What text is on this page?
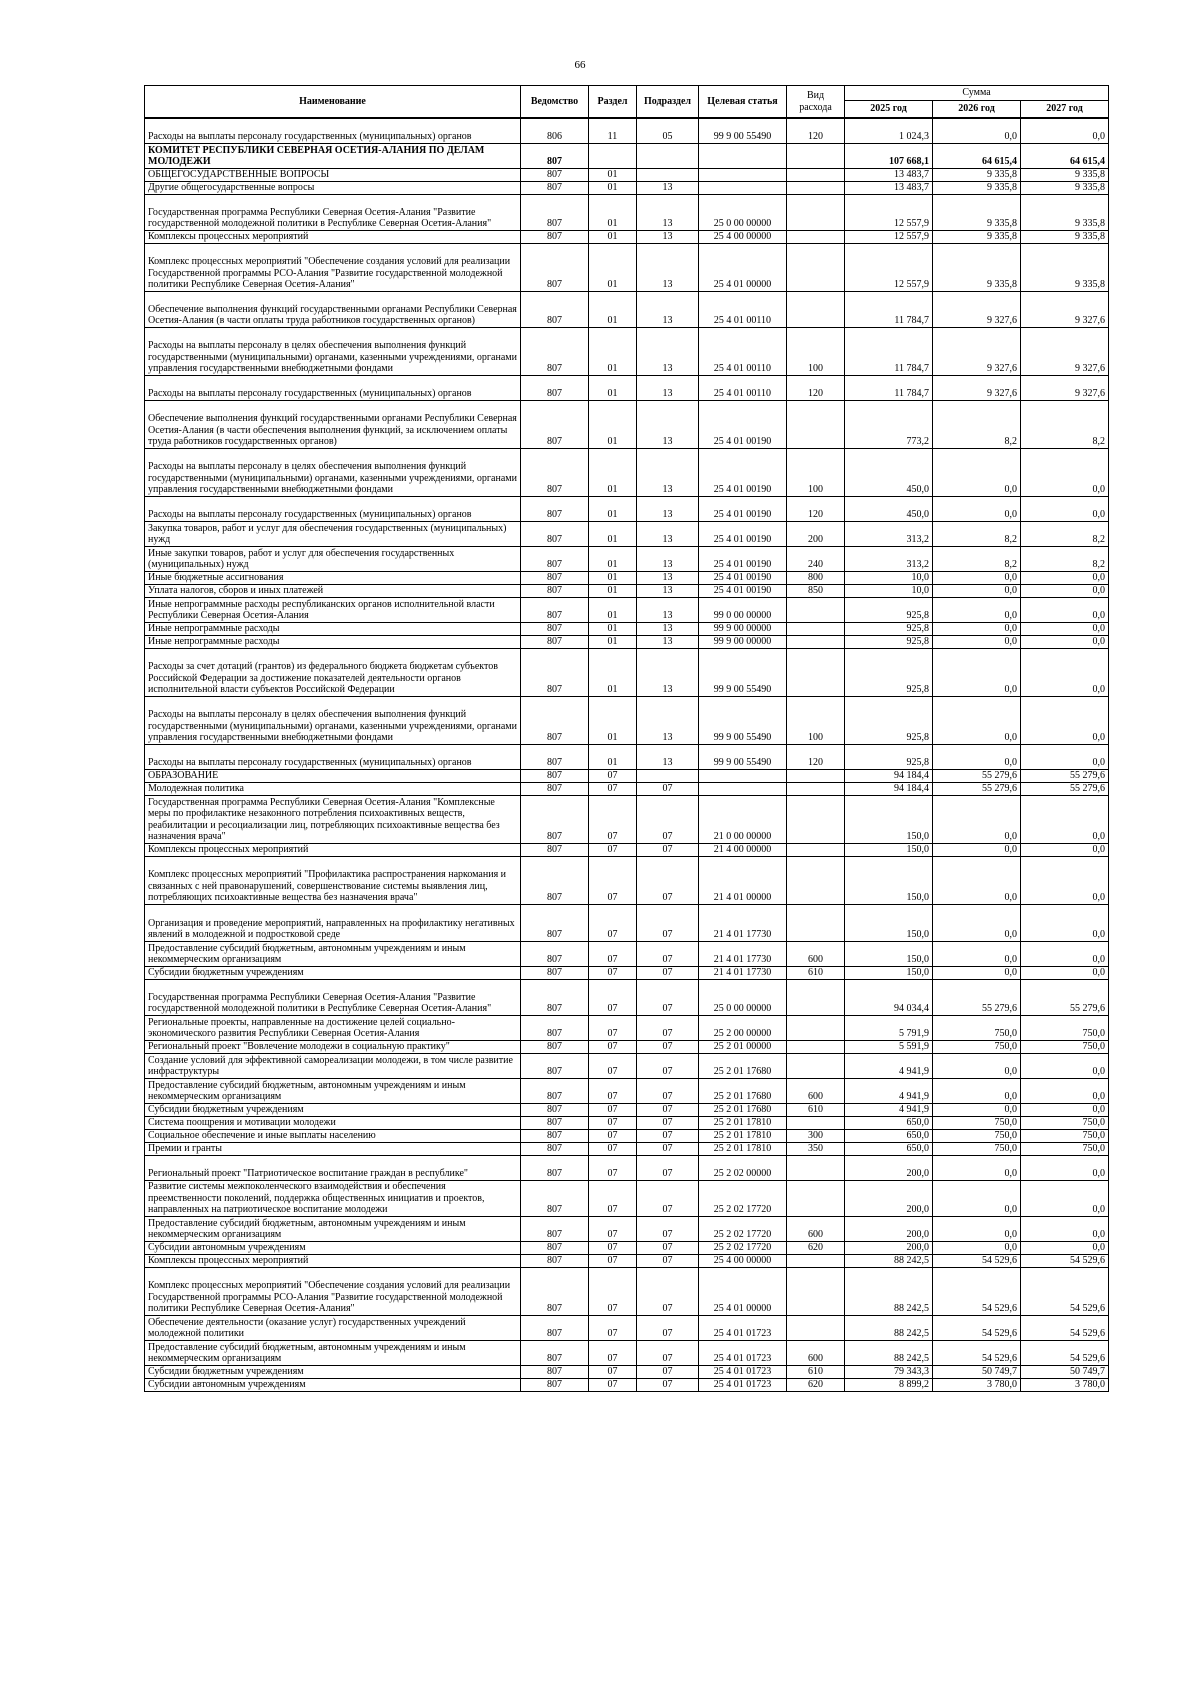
66
Наименование	Ведомство	Раздел	Подраздел	Целевая статья	Вид расхода	Сумма		
						2025 год	2026 год	2027 год
Расходы на выплаты персоналу государственных (муниципальных) органов	806	11	05	99 9 00 55490	120	1 024,3	0,0	0,0
КОМИТЕТ РЕСПУБЛИКИ СЕВЕРНАЯ ОСЕТИЯ-АЛАНИЯ ПО ДЕЛАМ МОЛОДЕЖИ	807					107 668,1	64 615,4	64 615,4
ОБЩЕГОСУДАРСТВЕННЫЕ ВОПРОСЫ	807	01				13 483,7	9 335,8	9 335,8
Другие общегосударственные вопросы	807	01	13			13 483,7	9 335,8	9 335,8
Государственная программа Республики Северная Осетия-Алания "Развитие государственной молодежной политики в Республике Северная Осетия-Алания"	807	01	13	25 0 00 00000		12 557,9	9 335,8	9 335,8
Комплексы процессных мероприятий	807	01	13	25 4 00 00000		12 557,9	9 335,8	9 335,8
Комплекс процессных мероприятий "Обеспечение создания условий для реализации Государственной программы РСО-Алания "Развитие государственной молодежной политики Республике Северная Осетия-Алания"	807	01	13	25 4 01 00000		12 557,9	9 335,8	9 335,8
Обеспечение выполнения функций государственными органами Республики Северная Осетия-Алания (в части оплаты труда работников государственных органов)	807	01	13	25 4 01 00110		11 784,7	9 327,6	9 327,6
Расходы на выплаты персоналу в целях обеспечения выполнения функций государственными (муниципальными) органами, казенными учреждениями, органами управления государственными внебюджетными фондами	807	01	13	25 4 01 00110	100	11 784,7	9 327,6	9 327,6
Расходы на выплаты персоналу государственных (муниципальных) органов	807	01	13	25 4 01 00110	120	11 784,7	9 327,6	9 327,6
Обеспечение выполнения функций государственными органами Республики Северная Осетия-Алания (в части обеспечения выполнения функций, за исключением оплаты труда работников государственных органов)	807	01	13	25 4 01 00190		773,2	8,2	8,2
Расходы на выплаты персоналу в целях обеспечения выполнения функций государственными (муниципальными) органами, казенными учреждениями, органами управления государственными внебюджетными фондами	807	01	13	25 4 01 00190	100	450,0	0,0	0,0
Расходы на выплаты персоналу государственных (муниципальных) органов	807	01	13	25 4 01 00190	120	450,0	0,0	0,0
Закупка товаров, работ и услуг для обеспечения государственных (муниципальных) нужд	807	01	13	25 4 01 00190	200	313,2	8,2	8,2
Иные закупки товаров, работ и услуг для обеспечения государственных (муниципальных) нужд	807	01	13	25 4 01 00190	240	313,2	8,2	8,2
Иные бюджетные ассигнования	807	01	13	25 4 01 00190	800	10,0	0,0	0,0
Уплата налогов, сборов и иных платежей	807	01	13	25 4 01 00190	850	10,0	0,0	0,0
Иные непрограммные расходы республиканских органов исполнительной власти Республики Северная Осетия-Алания	807	01	13	99 0 00 00000		925,8	0,0	0,0
Иные непрограммные расходы	807	01	13	99 9 00 00000		925,8	0,0	0,0
Иные непрограммные расходы	807	01	13	99 9 00 00000		925,8	0,0	0,0
Расходы за счет дотаций (грантов) из федерального бюджета бюджетам субъектов Российской Федерации за достижение показателей деятельности органов исполнительной власти субъектов Российской Федерации	807	01	13	99 9 00 55490		925,8	0,0	0,0
Расходы на выплаты персоналу в целях обеспечения выполнения функций государственными (муниципальными) органами, казенными учреждениями, органами управления государственными внебюджетными фондами	807	01	13	99 9 00 55490	100	925,8	0,0	0,0
Расходы на выплаты персоналу государственных (муниципальных) органов	807	01	13	99 9 00 55490	120	925,8	0,0	0,0
ОБРАЗОВАНИЕ	807	07				94 184,4	55 279,6	55 279,6
Молодежная политика	807	07	07			94 184,4	55 279,6	55 279,6
Государственная программа Республики Северная Осетия-Алания "Комплексные меры по профилактике незаконного потребления психоактивных веществ, реабилитации и ресоциализации лиц, потребляющих психоактивные вещества без назначения врача"	807	07	07	21 0 00 00000		150,0	0,0	0,0
Комплексы процессных мероприятий	807	07	07	21 4 00 00000		150,0	0,0	0,0
Комплекс процессных мероприятий "Профилактика распространения наркомания и связанных с ней правонарушений, совершенствование системы выявления лиц, потребляющих психоактивные вещества без назначения врача"	807	07	07	21 4 01 00000		150,0	0,0	0,0
Организация и проведение мероприятий, направленных на профилактику негативных явлений в молодежной и подростковой среде	807	07	07	21 4 01 17730		150,0	0,0	0,0
Предоставление субсидий бюджетным, автономным учреждениям и иным некоммерческим организациям	807	07	07	21 4 01 17730	600	150,0	0,0	0,0
Субсидии бюджетным учреждениям	807	07	07	21 4 01 17730	610	150,0	0,0	0,0
Государственная программа Республики Северная Осетия-Алания "Развитие государственной молодежной политики в Республике Северная Осетия-Алания"	807	07	07	25 0 00 00000		94 034,4	55 279,6	55 279,6
Региональные проекты, направленные на достижение целей социально-экономического развития Республики Северная Осетия-Алания	807	07	07	25 2 00 00000		5 791,9	750,0	750,0
Региональный проект "Вовлечение молодежи в социальную практику"	807	07	07	25 2 01 00000		5 591,9	750,0	750,0
Создание условий для эффективной самореализации молодежи, в том числе развитие инфраструктуры	807	07	07	25 2 01 17680		4 941,9	0,0	0,0
Предоставление субсидий бюджетным, автономным учреждениям и иным некоммерческим организациям	807	07	07	25 2 01 17680	600	4 941,9	0,0	0,0
Субсидии бюджетным учреждениям	807	07	07	25 2 01 17680	610	4 941,9	0,0	0,0
Система поощрения и мотивации молодежи	807	07	07	25 2 01 17810		650,0	750,0	750,0
Социальное обеспечение и иные выплаты населению	807	07	07	25 2 01 17810	300	650,0	750,0	750,0
Премии и гранты	807	07	07	25 2 01 17810	350	650,0	750,0	750,0
Региональный проект "Патриотическое воспитание граждан в республике"	807	07	07	25 2 02 00000		200,0	0,0	0,0
Развитие системы межпоколенческого взаимодействия и обеспечения преемственности поколений, поддержка общественных инициатив и проектов, направленных на патриотическое воспитание молодежи	807	07	07	25 2 02 17720		200,0	0,0	0,0
Предоставление субсидий бюджетным, автономным учреждениям и иным некоммерческим организациям	807	07	07	25 2 02 17720	600	200,0	0,0	0,0
Субсидии автономным учреждениям	807	07	07	25 2 02 17720	620	200,0	0,0	0,0
Комплексы процессных мероприятий	807	07	07	25 4 00 00000		88 242,5	54 529,6	54 529,6
Комплекс процессных мероприятий "Обеспечение создания условий для реализации Государственной программы РСО-Алания "Развитие государственной молодежной политики Республике Северная Осетия-Алания"	807	07	07	25 4 01 00000		88 242,5	54 529,6	54 529,6
Обеспечение деятельности (оказание услуг) государственных учреждений молодежной политики	807	07	07	25 4 01 01723		88 242,5	54 529,6	54 529,6
Предоставление субсидий бюджетным, автономным учреждениям и иным некоммерческим организациям	807	07	07	25 4 01 01723	600	88 242,5	54 529,6	54 529,6
Субсидии бюджетным учреждениям	807	07	07	25 4 01 01723	610	79 343,3	50 749,7	50 749,7
Субсидии автономным учреждениям	807	07	07	25 4 01 01723	620	8 899,2	3 780,0	3 780,0
